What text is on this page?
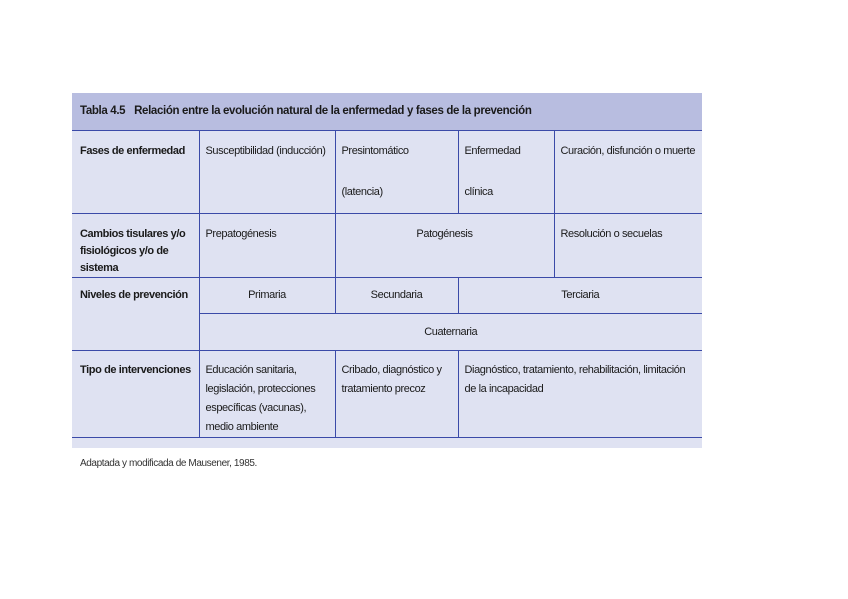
Tabla 4.5 Relación entre la evolución natural de la enfermedad y fases de la prevención
Fases de enfermedad	Susceptibilidad (inducción)	Presintomático (latencia)	Enfermedad clínica	Curación, disfunción o muerte
Cambios tisulares y/o fisiológicos y/o de sistema	Prepatogénesis	Patogénesis		Resolución o secuelas
Niveles de prevención	Primaria	Secundaria	Terciaria	
	Cuaternaria			
Tipo de intervenciones	Educación sanitaria, legislación, protecciones específicas (vacunas), medio ambiente	Cribado, diagnóstico y tratamiento precoz	Diagnóstico, tratamiento, rehabilitación, limitación de la incapacidad	
Adaptada y modificada de Mausener, 1985.
